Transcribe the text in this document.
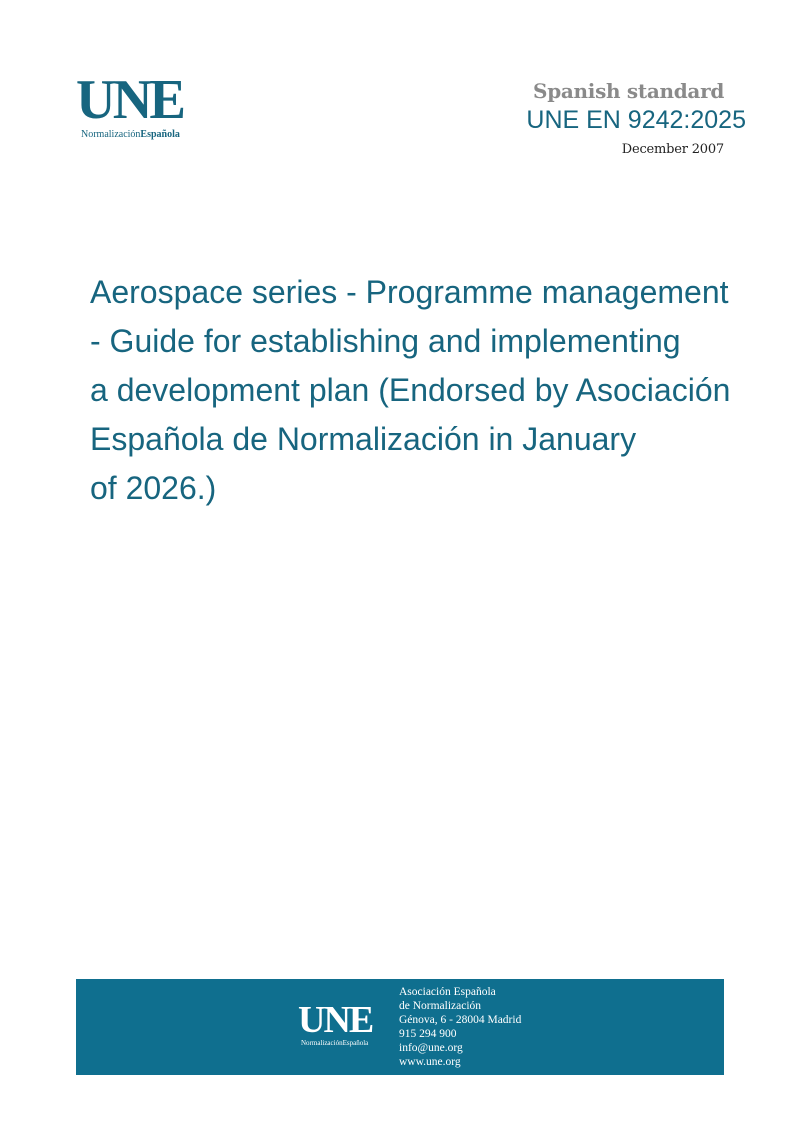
UNE
NormalizaciónEspañola
Spanish standard
UNE EN 9242:2025
December 2007
Aerospace series - Programme management
- Guide for establishing and implementing
a development plan (Endorsed by Asociación
Española de Normalización in January
of 2026.)
UNE
NormalizaciónEspañola
Asociación Española
de Normalización
Génova, 6 - 28004 Madrid
915 294 900
info@une.org
www.une.org
